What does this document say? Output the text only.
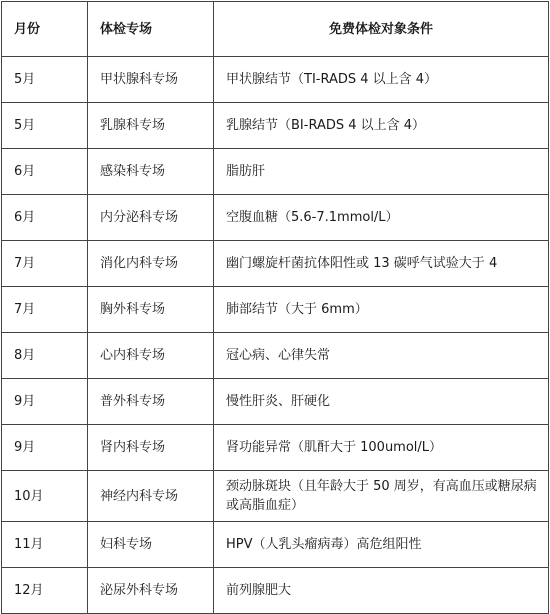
月份	体检专场	免费体检对象条件
5月	甲状腺科专场	甲状腺结节（TI-RADS 4 以上含 4）
5月	乳腺科专场	乳腺结节（BI-RADS 4 以上含 4）
6月	感染科专场	脂肪肝
6月	内分泌科专场	空腹血糖（5.6-7.1mmol/L）
7月	消化内科专场	幽门螺旋杆菌抗体阳性或 13 碳呼气试验大于 4
7月	胸外科专场	肺部结节（大于 6mm）
8月	心内科专场	冠心病、心律失常
9月	普外科专场	慢性肝炎、肝硬化
9月	肾内科专场	肾功能异常（肌酐大于 100umol/L）
10月	神经内科专场	颈动脉斑块（且年龄大于 50 周岁，有高血压或糖尿病或高脂血症）
11月	妇科专场	HPV（人乳头瘤病毒）高危组阳性
12月	泌尿外科专场	前列腺肥大
